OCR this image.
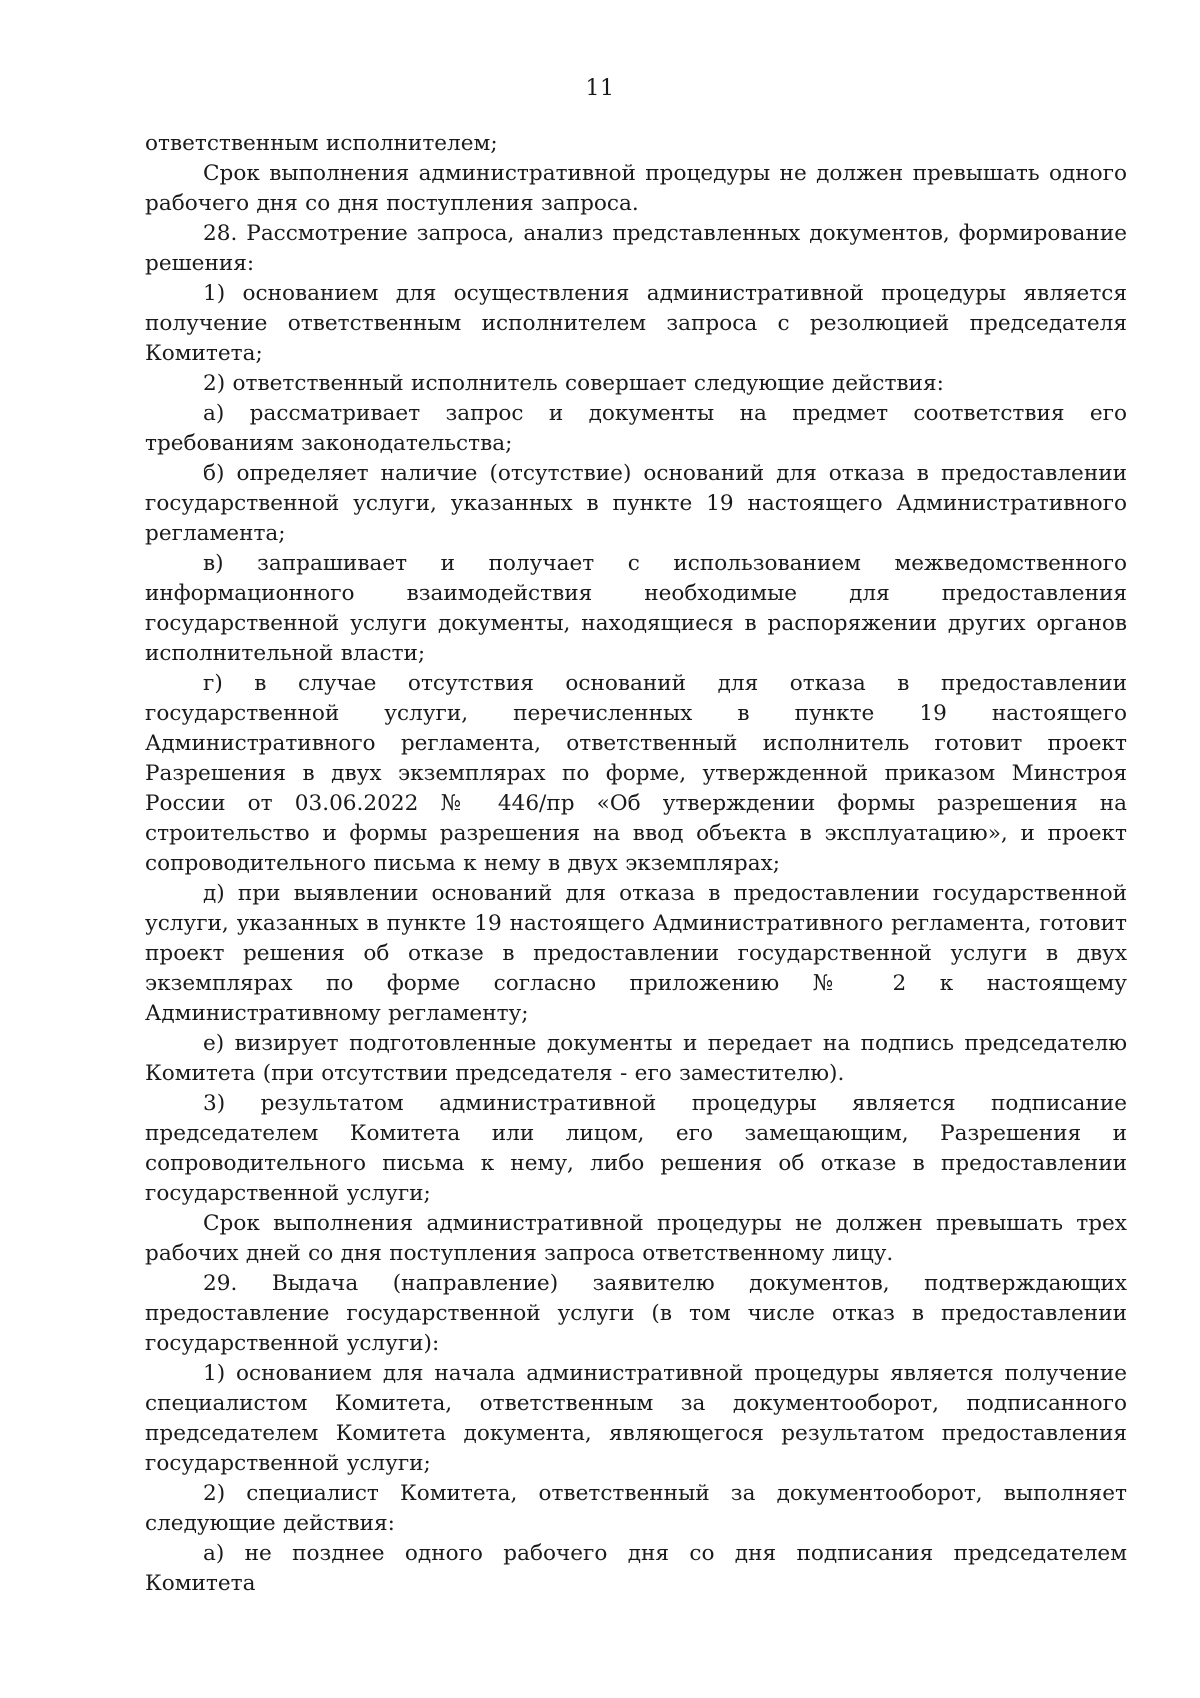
11

ответственным исполнителем;

Срок выполнения административной процедуры не должен превышать одного рабочего дня со дня поступления запроса.

28. Рассмотрение запроса, анализ представленных документов, формирование решения:

1) основанием для осуществления административной процедуры является получение ответственным исполнителем запроса с резолюцией председателя Комитета;

2) ответственный исполнитель совершает следующие действия:

а) рассматривает запрос и документы на предмет соответствия его требованиям законодательства;

б) определяет наличие (отсутствие) оснований для отказа в предоставлении государственной услуги, указанных в пункте 19 настоящего Административного регламента;

в) запрашивает и получает с использованием межведомственного информационного взаимодействия необходимые для предоставления государственной услуги документы, находящиеся в распоряжении других органов исполнительной власти;

г) в случае отсутствия оснований для отказа в предоставлении государственной услуги, перечисленных в пункте 19 настоящего Административного регламента, ответственный исполнитель готовит проект Разрешения в двух экземплярах по форме, утвержденной приказом Минстроя России от 03.06.2022 № 446/пр «Об утверждении формы разрешения на строительство и формы разрешения на ввод объекта в эксплуатацию», и проект сопроводительного письма к нему в двух экземплярах;

д) при выявлении оснований для отказа в предоставлении государственной услуги, указанных в пункте 19 настоящего Административного регламента, готовит проект решения об отказе в предоставлении государственной услуги в двух экземплярах по форме согласно приложению № 2 к настоящему Административному регламенту;

е) визирует подготовленные документы и передает на подпись председателю Комитета (при отсутствии председателя - его заместителю).

3) результатом административной процедуры является подписание председателем Комитета или лицом, его замещающим, Разрешения и сопроводительного письма к нему, либо решения об отказе в предоставлении государственной услуги;

Срок выполнения административной процедуры не должен превышать трех рабочих дней со дня поступления запроса ответственному лицу.

29. Выдача (направление) заявителю документов, подтверждающих предоставление государственной услуги (в том числе отказ в предоставлении государственной услуги):

1) основанием для начала административной процедуры является получение специалистом Комитета, ответственным за документооборот, подписанного председателем Комитета документа, являющегося результатом предоставления государственной услуги;

2) специалист Комитета, ответственный за документооборот, выполняет следующие действия:

а) не позднее одного рабочего дня со дня подписания председателем Комитета
